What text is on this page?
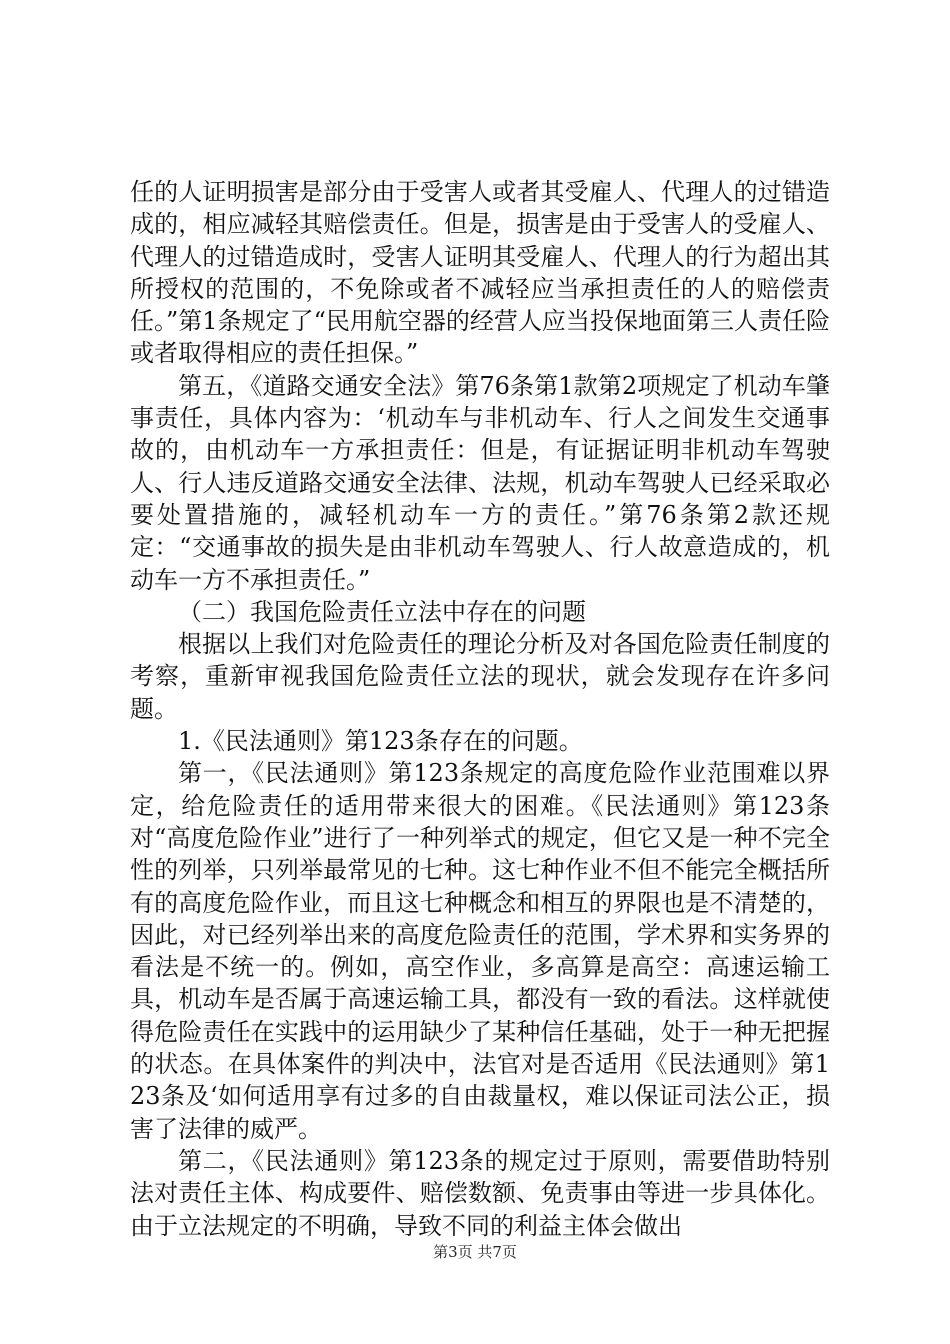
任的人证明损害是部分由于受害人或者其受雇人、代理人的过错造成的，相应减轻其赔偿责任。但是，损害是由于受害人的受雇人、代理人的过错造成时，受害人证明其受雇人、代理人的行为超出其所授权的范围的，不免除或者不减轻应当承担责任的人的赔偿责任。”第1条规定了“民用航空器的经营人应当投保地面第三人责任险或者取得相应的责任担保。”

第五，《道路交通安全法》第76条第1款第2项规定了机动车肇事责任，具体内容为：‘机动车与非机动车、行人之间发生交通事故的，由机动车一方承担责任：但是，有证据证明非机动车驾驶人、行人违反道路交通安全法律、法规，机动车驾驶人已经采取必要处置措施的，减轻机动车一方的责任。”第76条第2款还规定：“交通事故的损失是由非机动车驾驶人、行人故意造成的，机动车一方不承担责任。”

（二）我国危险责任立法中存在的问题

根据以上我们对危险责任的理论分析及对各国危险责任制度的考察，重新审视我国危险责任立法的现状，就会发现存在许多问题。

1.《民法通则》第123条存在的问题。

第一，《民法通则》第123条规定的高度危险作业范围难以界定，给危险责任的适用带来很大的困难。《民法通则》第123条对“高度危险作业”进行了一种列举式的规定，但它又是一种不完全性的列举，只列举最常见的七种。这七种作业不但不能完全概括所有的高度危险作业，而且这七种概念和相互的界限也是不清楚的，因此，对已经列举出来的高度危险责任的范围，学术界和实务界的看法是不统一的。例如，高空作业，多高算是高空：高速运输工具，机动车是否属于高速运输工具，都没有一致的看法。这样就使得危险责任在实践中的运用缺少了某种信任基础，处于一种无把握的状态。在具体案件的判决中，法官对是否适用《民法通则》第123条及‘如何适用享有过多的自由裁量权，难以保证司法公正，损害了法律的威严。

第二，《民法通则》第123条的规定过于原则，需要借助特别法对责任主体、构成要件、赔偿数额、免责事由等进一步具体化。由于立法规定的不明确，导致不同的利益主体会做出

第3页 共7页
